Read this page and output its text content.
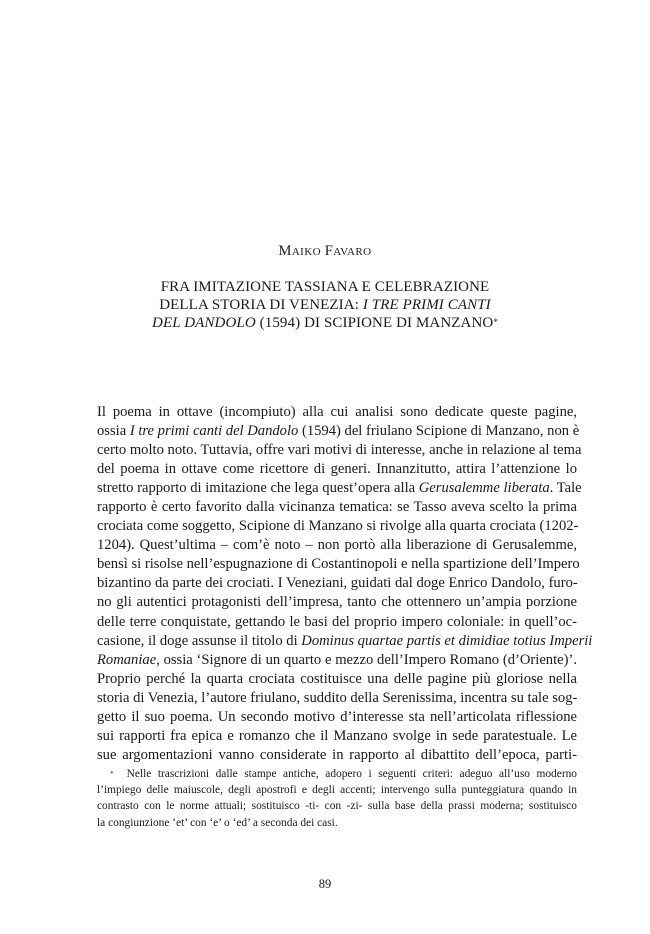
MAIKO FAVARO
FRA IMITAZIONE TASSIANA E CELEBRAZIONE
DELLA STORIA DI VENEZIA: I TRE PRIMI CANTI
DEL DANDOLO (1594) DI SCIPIONE DI MANZANO*
Il poema in ottave (incompiuto) alla cui analisi sono dedicate queste pagine,
ossia I tre primi canti del Dandolo (1594) del friulano Scipione di Manzano, non è
certo molto noto. Tuttavia, offre vari motivi di interesse, anche in relazione al tema
del poema in ottave come ricettore di generi. Innanzitutto, attira l’attenzione lo
stretto rapporto di imitazione che lega quest’opera alla Gerusalemme liberata. Tale
rapporto è certo favorito dalla vicinanza tematica: se Tasso aveva scelto la prima
crociata come soggetto, Scipione di Manzano si rivolge alla quarta crociata (1202-
1204). Quest’ultima – com’è noto – non portò alla liberazione di Gerusalemme,
bensì si risolse nell’espugnazione di Costantinopoli e nella spartizione dell’Impero
bizantino da parte dei crociati. I Veneziani, guidati dal doge Enrico Dandolo, furo-
no gli autentici protagonisti dell’impresa, tanto che ottennero un’ampia porzione
delle terre conquistate, gettando le basi del proprio impero coloniale: in quell’oc-
casione, il doge assunse il titolo di Dominus quartae partis et dimidiae totius Imperii
Romaniae, ossia ‘Signore di un quarto e mezzo dell’Impero Romano (d’Oriente)’.
Proprio perché la quarta crociata costituisce una delle pagine più gloriose nella
storia di Venezia, l’autore friulano, suddito della Serenissima, incentra su tale sog-
getto il suo poema. Un secondo motivo d’interesse sta nell’articolata riflessione
sui rapporti fra epica e romanzo che il Manzano svolge in sede paratestuale. Le
sue argomentazioni vanno considerate in rapporto al dibattito dell’epoca, parti-
* Nelle trascrizioni dalle stampe antiche, adopero i seguenti criteri: adeguo all’uso moderno
l’impiego delle maiuscole, degli apostrofi e degli accenti; intervengo sulla punteggiatura quando in
contrasto con le norme attuali; sostituisco -ti- con -zi- sulla base della prassi moderna; sostituisco
la congiunzione ‘et’ con ‘e’ o ‘ed’ a seconda dei casi.
89
